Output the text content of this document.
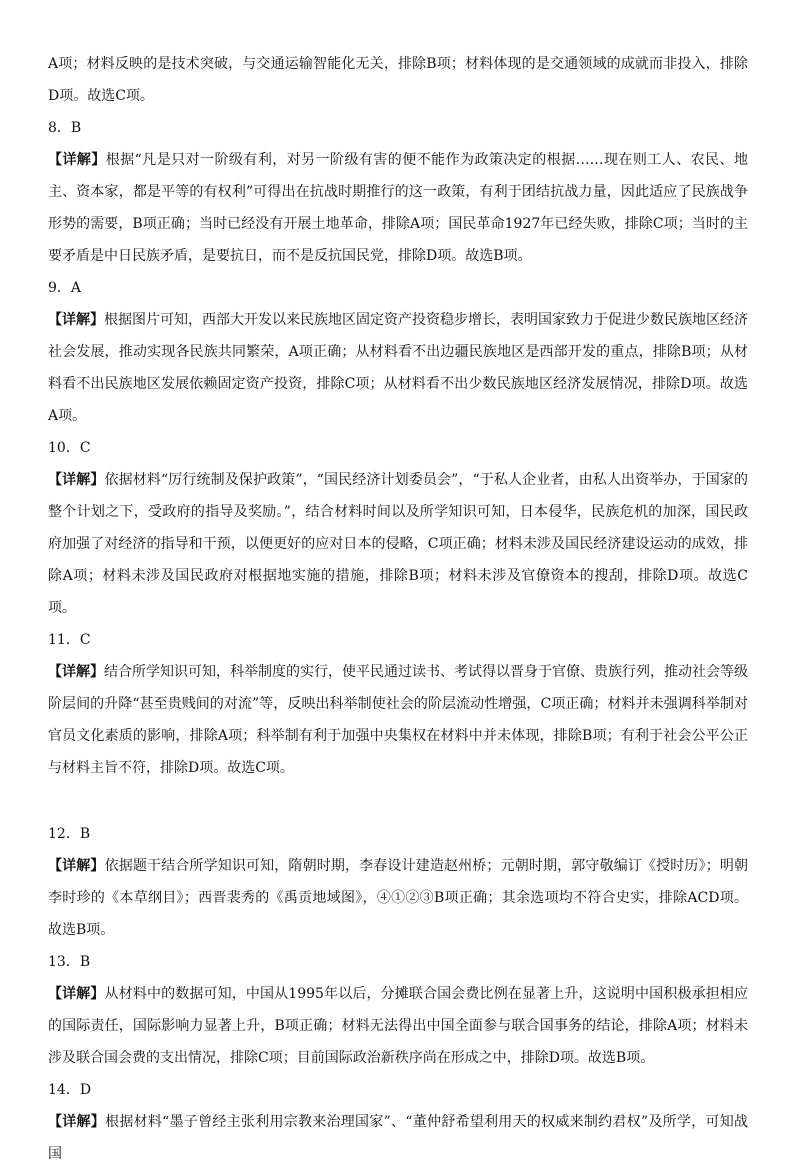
A项；材料反映的是技术突破，与交通运输智能化无关，排除B项；材料体现的是交通领域的成就而非投入，排除D项。故选C项。

8．B

【详解】根据“凡是只对一阶级有利，对另一阶级有害的便不能作为政策决定的根据……现在则工人、农民、地主、资本家，都是平等的有权利”可得出在抗战时期推行的这一政策，有利于团结抗战力量，因此适应了民族战争形势的需要，B项正确；当时已经没有开展土地革命，排除A项；国民革命1927年已经失败，排除C项；当时的主要矛盾是中日民族矛盾，是要抗日，而不是反抗国民党，排除D项。故选B项。

9．A

【详解】根据图片可知，西部大开发以来民族地区固定资产投资稳步增长，表明国家致力于促进少数民族地区经济社会发展，推动实现各民族共同繁荣，A项正确；从材料看不出边疆民族地区是西部开发的重点，排除B项；从材料看不出民族地区发展依赖固定资产投资，排除C项；从材料看不出少数民族地区经济发展情况，排除D项。故选A项。

10．C

【详解】依据材料“厉行统制及保护政策”，“国民经济计划委员会”，“于私人企业者，由私人出资举办，于国家的整个计划之下，受政府的指导及奖励。”，结合材料时间以及所学知识可知，日本侵华，民族危机的加深，国民政府加强了对经济的指导和干预，以便更好的应对日本的侵略，C项正确；材料未涉及国民经济建设运动的成效，排除A项；材料未涉及国民政府对根据地实施的措施，排除B项；材料未涉及官僚资本的搜刮，排除D项。故选C项。

11．C

【详解】结合所学知识可知，科举制度的实行，使平民通过读书、考试得以晋身于官僚、贵族行列，推动社会等级阶层间的升降“甚至贵贱间的对流”等，反映出科举制使社会的阶层流动性增强，C项正确；材料并未强调科举制对官员文化素质的影响，排除A项；科举制有利于加强中央集权在材料中并未体现，排除B项；有利于社会公平公正与材料主旨不符，排除D项。故选C项。

12．B

【详解】依据题干结合所学知识可知，隋朝时期，李春设计建造赵州桥；元朝时期，郭守敬编订《授时历》；明朝李时珍的《本草纲目》；西晋裴秀的《禹贡地域图》，④①②③B项正确；其余选项均不符合史实，排除ACD项。故选B项。

13．B

【详解】从材料中的数据可知，中国从1995年以后，分摊联合国会费比例在显著上升，这说明中国积极承担相应的国际责任，国际影响力显著上升，B项正确；材料无法得出中国全面参与联合国事务的结论，排除A项；材料未涉及联合国会费的支出情况，排除C项；目前国际政治新秩序尚在形成之中，排除D项。故选B项。

14．D

【详解】根据材料“墨子曾经主张利用宗教来治理国家”、“董仲舒希望利用天的权威来制约君权”及所学，可知战国
